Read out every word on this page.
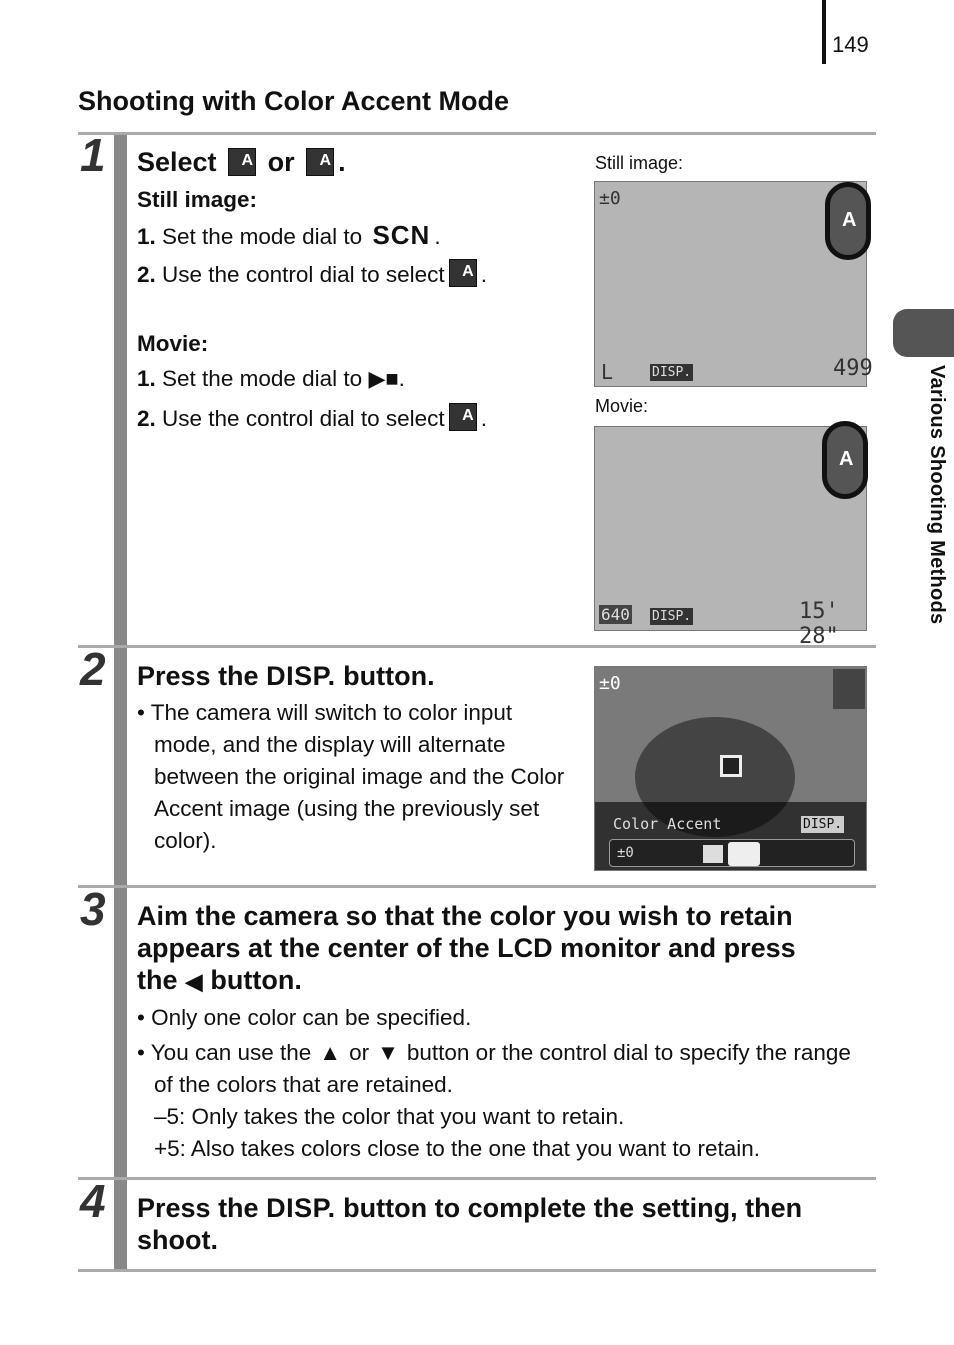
149
Shooting with Color Accent Mode
Various Shooting Methods
1 Select A or A .
Still image:
1. Set the mode dial to SCN .
2. Use the control dial to select A .
Movie:
1. Set the mode dial to ▶■.
2. Use the control dial to select A .
Still image:
±0
L	DISP.	499
A
Movie:
640 DISP.	15' 28"
A
2 Press the DISP. button.
• The camera will switch to color input mode, and the display will alternate between the original image and the Color Accent image (using the previously set color).
±0
Color Accent	DISP.
±0
3 Aim the camera so that the color you wish to retain appears at the center of the LCD monitor and press the ◀ button.
• Only one color can be specified.
• You can use the ▲ or ▼ button or the control dial to specify the range of the colors that are retained.
–5: Only takes the color that you want to retain.
+5: Also takes colors close to the one that you want to retain.
4 Press the DISP. button to complete the setting, then shoot.
